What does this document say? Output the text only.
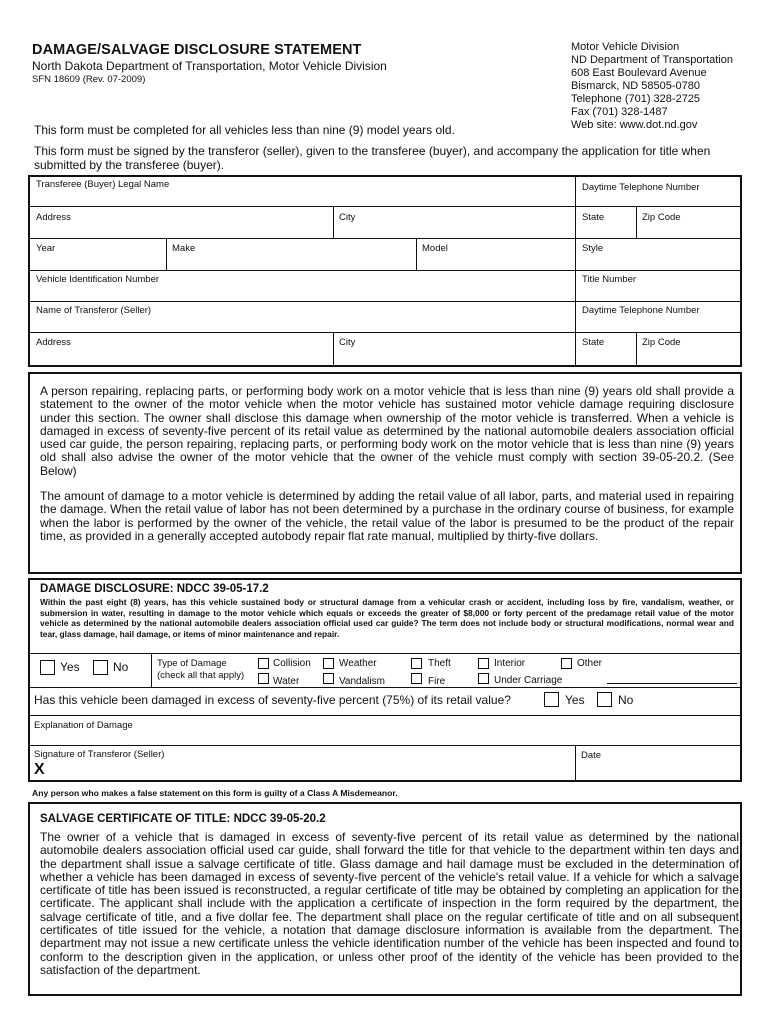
DAMAGE/SALVAGE DISCLOSURE STATEMENT
North Dakota Department of Transportation, Motor Vehicle Division
SFN 18609 (Rev. 07-2009)
Motor Vehicle Division
ND Department of Transportation
608 East Boulevard Avenue
Bismarck, ND 58505-0780
Telephone (701) 328-2725
Fax (701) 328-1487
Web site: www.dot.nd.gov
This form must be completed for all vehicles less than nine (9) model years old.
This form must be signed by the transferor (seller), given to the transferee (buyer), and accompany the application for title when submitted by the transferee (buyer).
Transferee (Buyer) Legal Name	Daytime Telephone Number
Address	City	State	Zip Code
Year	Make	Model	Style
Vehicle Identification Number	Title Number
Name of Transferor (Seller)	Daytime Telephone Number
Address	City	State	Zip Code
A person repairing, replacing parts, or performing body work on a motor vehicle that is less than nine (9) years old shall provide a statement to the owner of the motor vehicle when the motor vehicle has sustained motor vehicle damage requiring disclosure under this section. The owner shall disclose this damage when ownership of the motor vehicle is transferred. When a vehicle is damaged in excess of seventy-five percent of its retail value as determined by the national automobile dealers association official used car guide, the person repairing, replacing parts, or performing body work on the motor vehicle that is less than nine (9) years old shall also advise the owner of the motor vehicle that the owner of the vehicle must comply with section 39-05-20.2. (See Below)
The amount of damage to a motor vehicle is determined by adding the retail value of all labor, parts, and material used in repairing the damage. When the retail value of labor has not been determined by a purchase in the ordinary course of business, for example when the labor is performed by the owner of the vehicle, the retail value of the labor is presumed to be the product of the repair time, as provided in a generally accepted autobody repair flat rate manual, multiplied by thirty-five dollars.
DAMAGE DISCLOSURE: NDCC 39-05-17.2
Within the past eight (8) years, has this vehicle sustained body or structural damage from a vehicular crash or accident, including loss by fire, vandalism, weather, or submersion in water, resulting in damage to the motor vehicle which equals or exceeds the greater of $8,000 or forty percent of the predamage retail value of the motor vehicle as determined by the national automobile dealers association official used car guide? The term does not include body or structural modifications, normal wear and tear, glass damage, hail damage, or items of minor maintenance and repair.
Yes	No	Type of Damage
(check all that apply)
Collision	Weather	Theft	Interior	Other
Water	Vandalism	Fire	Under Carriage
Has this vehicle been damaged in excess of seventy-five percent (75%) of its retail value?	Yes	No
Explanation of Damage
Signature of Transferor (Seller)
X
Date
Any person who makes a false statement on this form is guilty of a Class A Misdemeanor.
SALVAGE CERTIFICATE OF TITLE: NDCC 39-05-20.2
The owner of a vehicle that is damaged in excess of seventy-five percent of its retail value as determined by the national automobile dealers association official used car guide, shall forward the title for that vehicle to the department within ten days and the department shall issue a salvage certificate of title. Glass damage and hail damage must be excluded in the determination of whether a vehicle has been damaged in excess of seventy-five percent of the vehicle's retail value. If a vehicle for which a salvage certificate of title has been issued is reconstructed, a regular certificate of title may be obtained by completing an application for the certificate. The applicant shall include with the application a certificate of inspection in the form required by the department, the salvage certificate of title, and a five dollar fee. The department shall place on the regular certificate of title and on all subsequent certificates of title issued for the vehicle, a notation that damage disclosure information is available from the department. The department may not issue a new certificate unless the vehicle identification number of the vehicle has been inspected and found to conform to the description given in the application, or unless other proof of the identity of the vehicle has been provided to the satisfaction of the department.
